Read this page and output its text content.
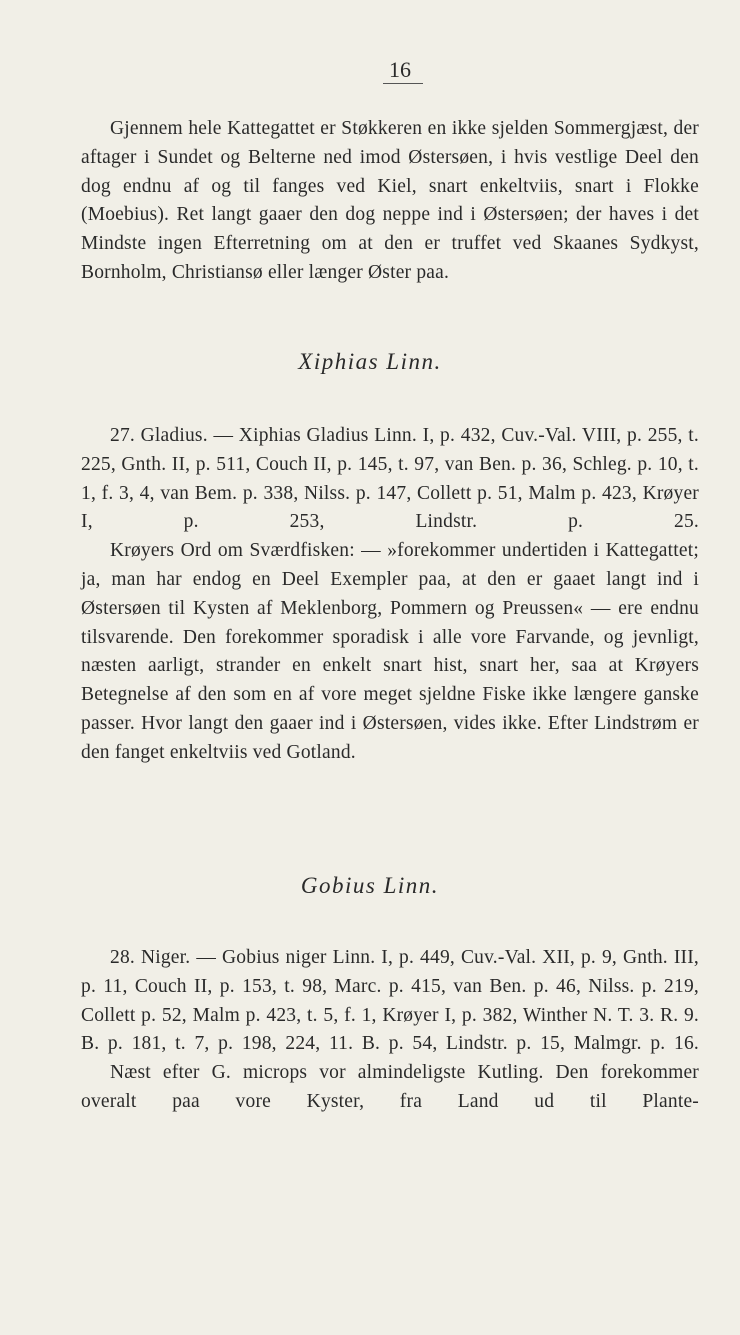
16

Gjennem hele Kattegattet er Støkkeren en ikke sjelden Sommergjæst, der aftager i Sundet og Belterne ned imod Østersøen, i hvis vestlige Deel den dog endnu af og til fanges ved Kiel, snart enkeltviis, snart i Flokke (Moebius). Ret langt gaaer den dog neppe ind i Østersøen; der haves i det Mindste ingen Efterretning om at den er truffet ved Skaanes Sydkyst, Bornholm, Christiansø eller længer Øster paa.

Xiphias Linn.

27. Gladius. — Xiphias Gladius Linn. I, p. 432, Cuv.-Val. VIII, p. 255, t. 225, Gnth. II, p. 511, Couch II, p. 145, t. 97, van Ben. p. 36, Schleg. p. 10, t. 1, f. 3, 4, van Bem. p. 338, Nilss. p. 147, Collett p. 51, Malm p. 423, Krøyer I, p. 253, Lindstr. p. 25.

Krøyers Ord om Sværdfisken: — »forekommer undertiden i Kattegattet; ja, man har endog en Deel Exempler paa, at den er gaaet langt ind i Østersøen til Kysten af Meklenborg, Pommern og Preussen« — ere endnu tilsvarende. Den forekommer sporadisk i alle vore Farvande, og jevnligt, næsten aarligt, strander en enkelt snart hist, snart her, saa at Krøyers Betegnelse af den som en af vore meget sjeldne Fiske ikke længere ganske passer. Hvor langt den gaaer ind i Østersøen, vides ikke. Efter Lindstrøm er den fanget enkeltviis ved Gotland.

Gobius Linn.

28. Niger. — Gobius niger Linn. I, p. 449, Cuv.-Val. XII, p. 9, Gnth. III, p. 11, Couch II, p. 153, t. 98, Marc. p. 415, van Ben. p. 46, Nilss. p. 219, Collett p. 52, Malm p. 423, t. 5, f. 1, Krøyer I, p. 382, Winther N. T. 3. R. 9. B. p. 181, t. 7, p. 198, 224, 11. B. p. 54, Lindstr. p. 15, Malmgr. p. 16.

Næst efter G. microps vor almindeligste Kutling. Den forekommer overalt paa vore Kyster, fra Land ud til Plante-
